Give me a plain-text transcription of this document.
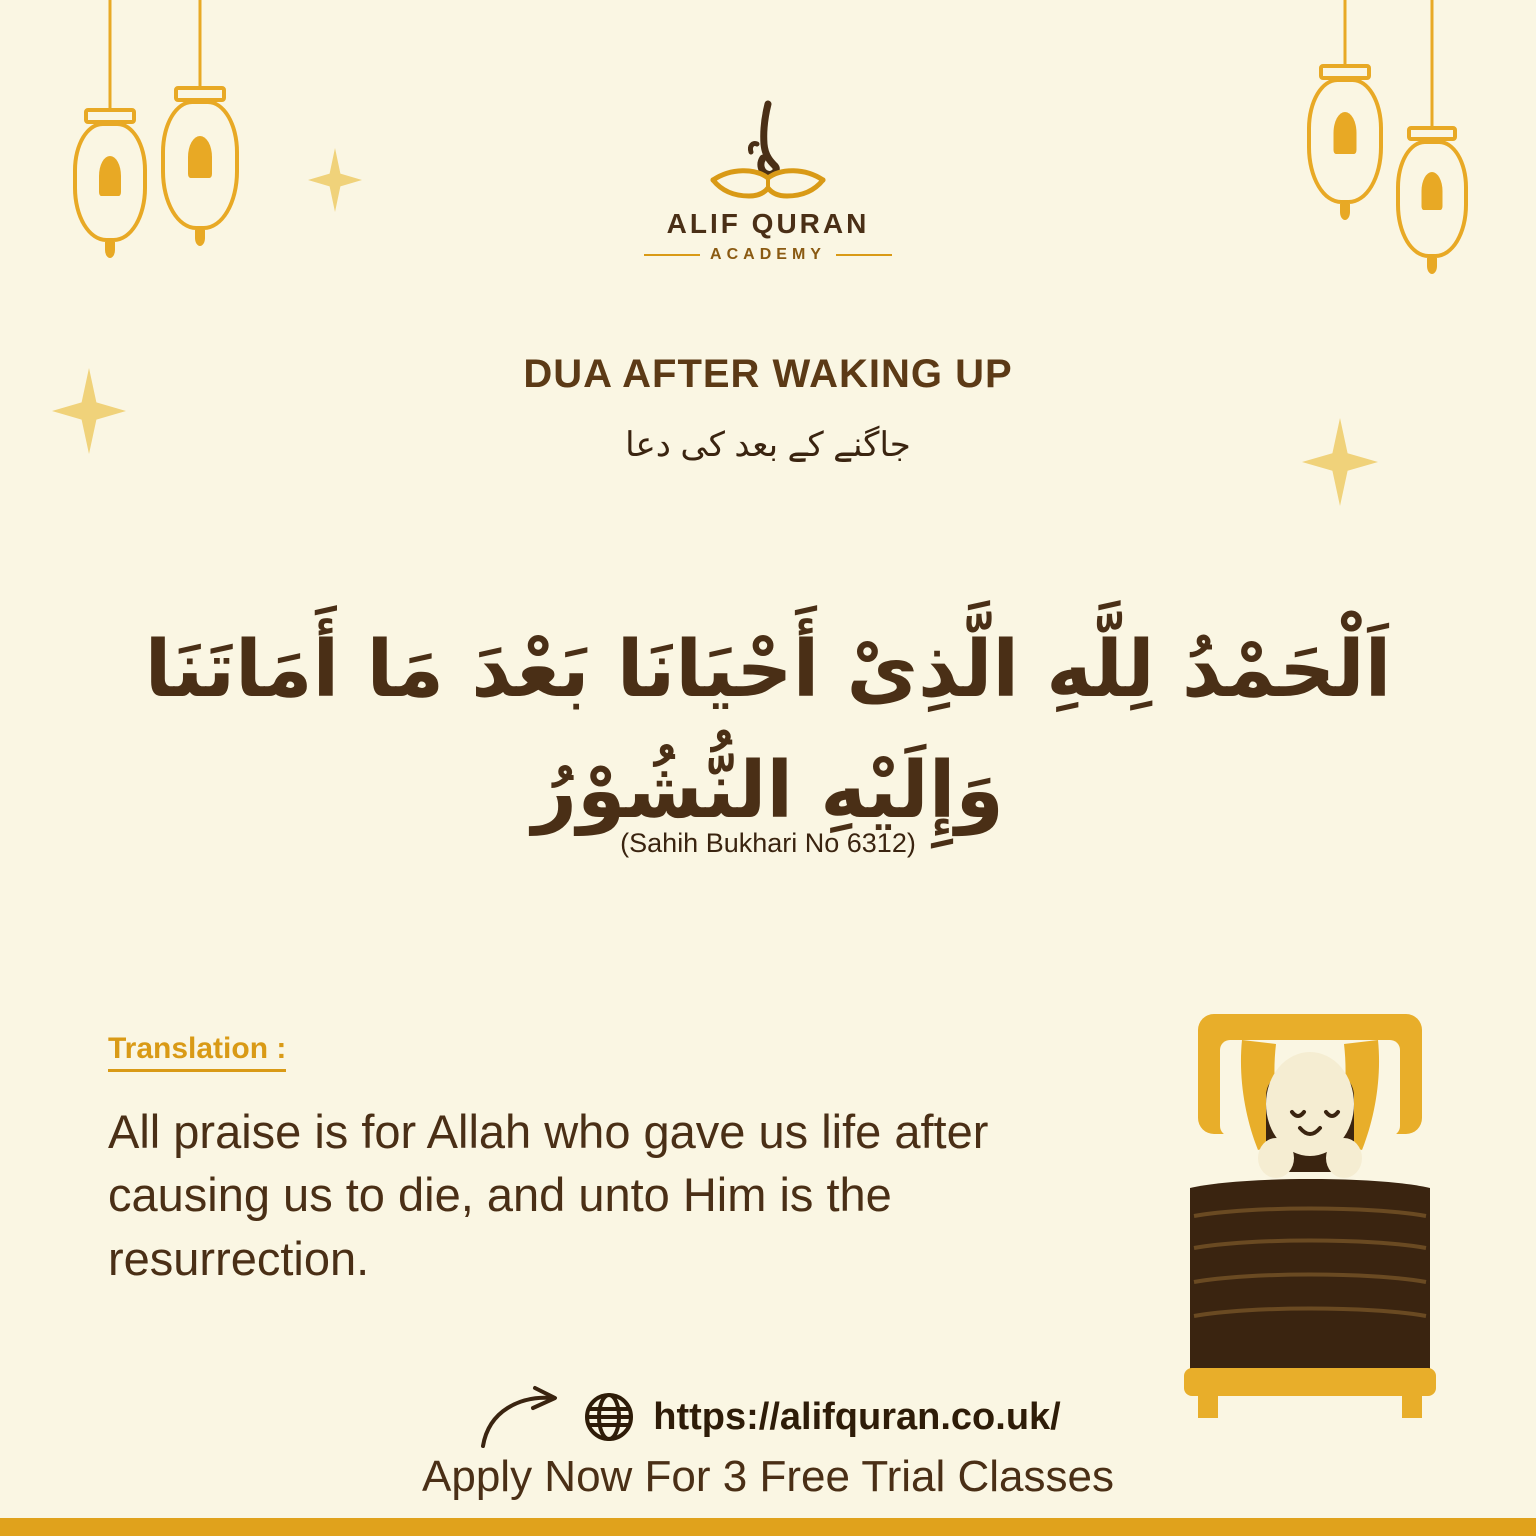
ALIF QURAN
ACADEMY
DUA AFTER WAKING UP
جاگنے کے بعد کی دعا
اَلْحَمْدُ لِلَّهِ الَّذِىْ أَحْيَانَا بَعْدَ مَا أَمَاتَنَا وَإِلَيْهِ النُّشُوْرُ
(Sahih Bukhari No 6312)
Translation :
All praise is for Allah who gave us life after causing us to die, and unto Him is the resurrection.
https://alifquran.co.uk/
Apply Now For 3 Free Trial Classes
